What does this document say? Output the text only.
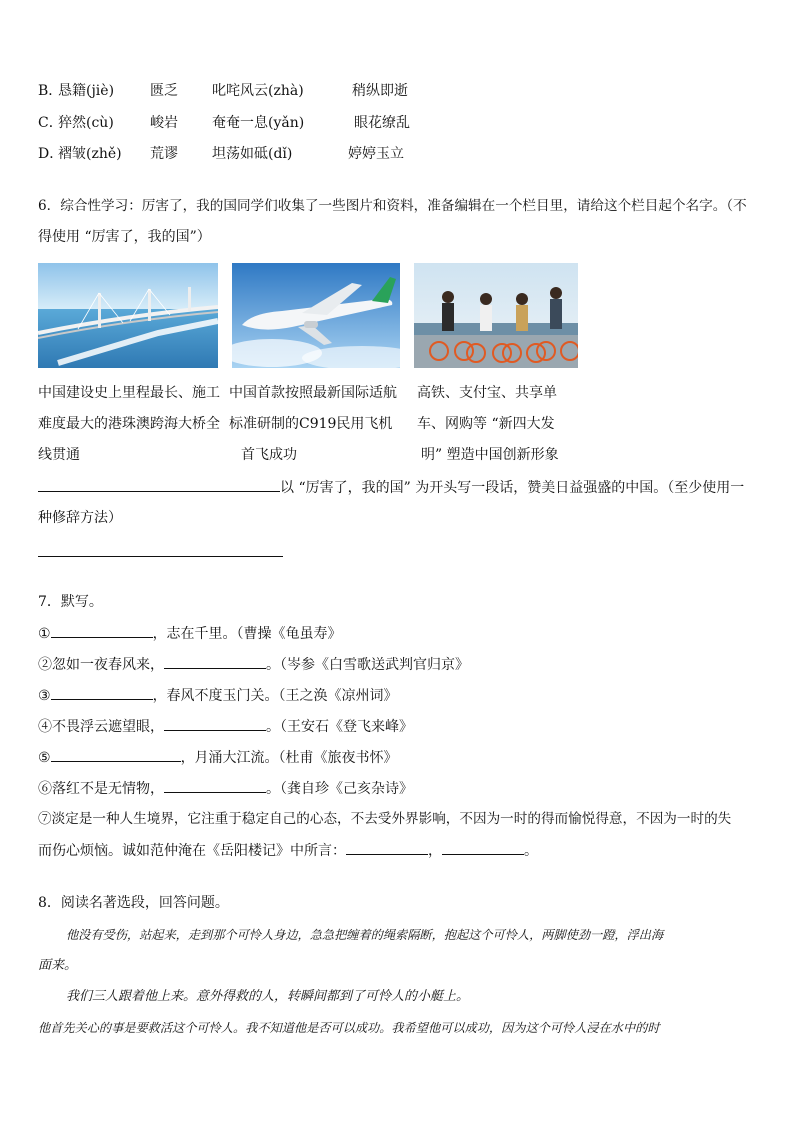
B．
恳籍(jiè)	匮乏 叱咤风云(zhà)	稍纵即逝
C．
猝然(cù)	峻岩 奄奄一息(yǎn)	眼花缭乱
D．
褶皱(zhě) 荒谬 坦荡如砥(dǐ)	婷婷玉立
6．综合性学习：厉害了，我的国同学们收集了一些图片和资料，准备编辑在一个栏目里，请给这个栏目起个名字。（不
得使用 “厉害了，我的国”）
中国建设史上里程最长、施工
难度最大的港珠澳跨海大桥全
线贯通
中国首款按照最新国际适航
标准研制的C919民用飞机
首飞成功
高铁、支付宝、共享单
车、网购等 “新四大发
明” 塑造中国创新形象
以 “厉害了，我的国” 为开头写一段话，赞美日益强盛的中国。（至少使用一
种修辞方法）
7．默写。
①	，志在千里。（曹操《龟虽寿》
②忽如一夜春风来，	。（岑参《白雪歌送武判官归京》
③	，春风不度玉门关。（王之涣《凉州词》
④不畏浮云遮望眼，	。（王安石《登飞来峰》
⑤	，月涌大江流。（杜甫《旅夜书怀》
⑥落红不是无情物，	。（龚自珍《己亥杂诗》
⑦淡定是一种人生境界，它注重于稳定自己的心态，不去受外界影响，不因为一时的得而愉悦得意，不因为一时的失
而伤心烦恼。诚如范仲淹在《岳阳楼记》中所言：	，	。
8．阅读名著选段，回答问题。
他没有受伤，站起来，走到那个可怜人身边，急急把缠着的绳索隔断，抱起这个可怜人，两脚使劲一蹬，浮出海
面来。
我们三人跟着他上来。意外得救的人，转瞬间都到了可怜人的小艇上。
他首先关心的事是要救活这个可怜人。我不知道他是否可以成功。我希望他可以成功，因为这个可怜人浸在水中的时
